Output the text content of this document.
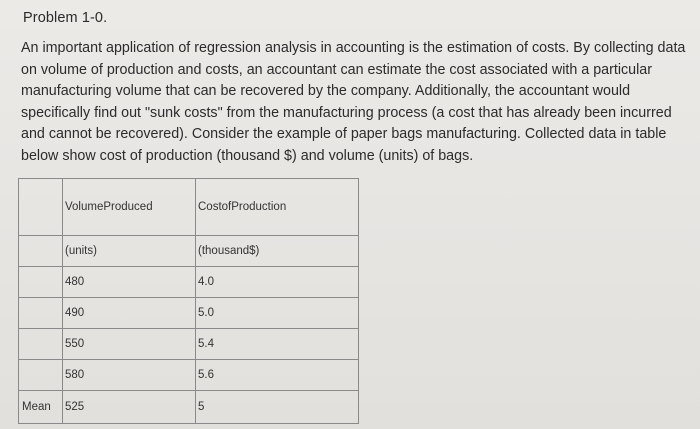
Problem 1-0.

An important application of regression analysis in accounting is the estimation of costs. By collecting data on volume of production and costs, an accountant can estimate the cost associated with a particular manufacturing volume that can be recovered by the company. Additionally, the accountant would specifically find out "sunk costs" from the manufacturing process (a cost that has already been incurred and cannot be recovered). Consider the example of paper bags manufacturing. Collected data in table below show cost of production (thousand $) and volume (units) of bags.

	VolumeProduced	CostofProduction
	(units)	(thousand$)
	480	4.0
	490	5.0
	550	5.4
	580	5.6
Mean	525	5
